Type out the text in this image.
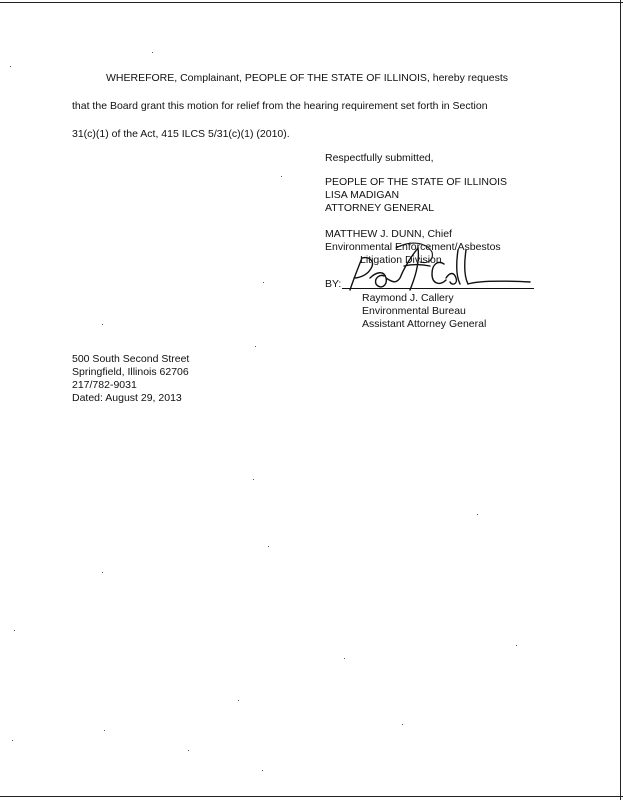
WHEREFORE, Complainant, PEOPLE OF THE STATE OF ILLINOIS, hereby requests
that the Board grant this motion for relief from the hearing requirement set forth in Section
31(c)(1) of the Act, 415 ILCS 5/31(c)(1) (2010).
Respectfully submitted,
PEOPLE OF THE STATE OF ILLINOIS
LISA MADIGAN
ATTORNEY GENERAL
MATTHEW J. DUNN, Chief
Environmental Enforcement/Asbestos
Litigation Division
BY:
Raymond J. Callery
Environmental Bureau
Assistant Attorney General
500 South Second Street
Springfield, Illinois 62706
217/782-9031
Dated: August 29, 2013
